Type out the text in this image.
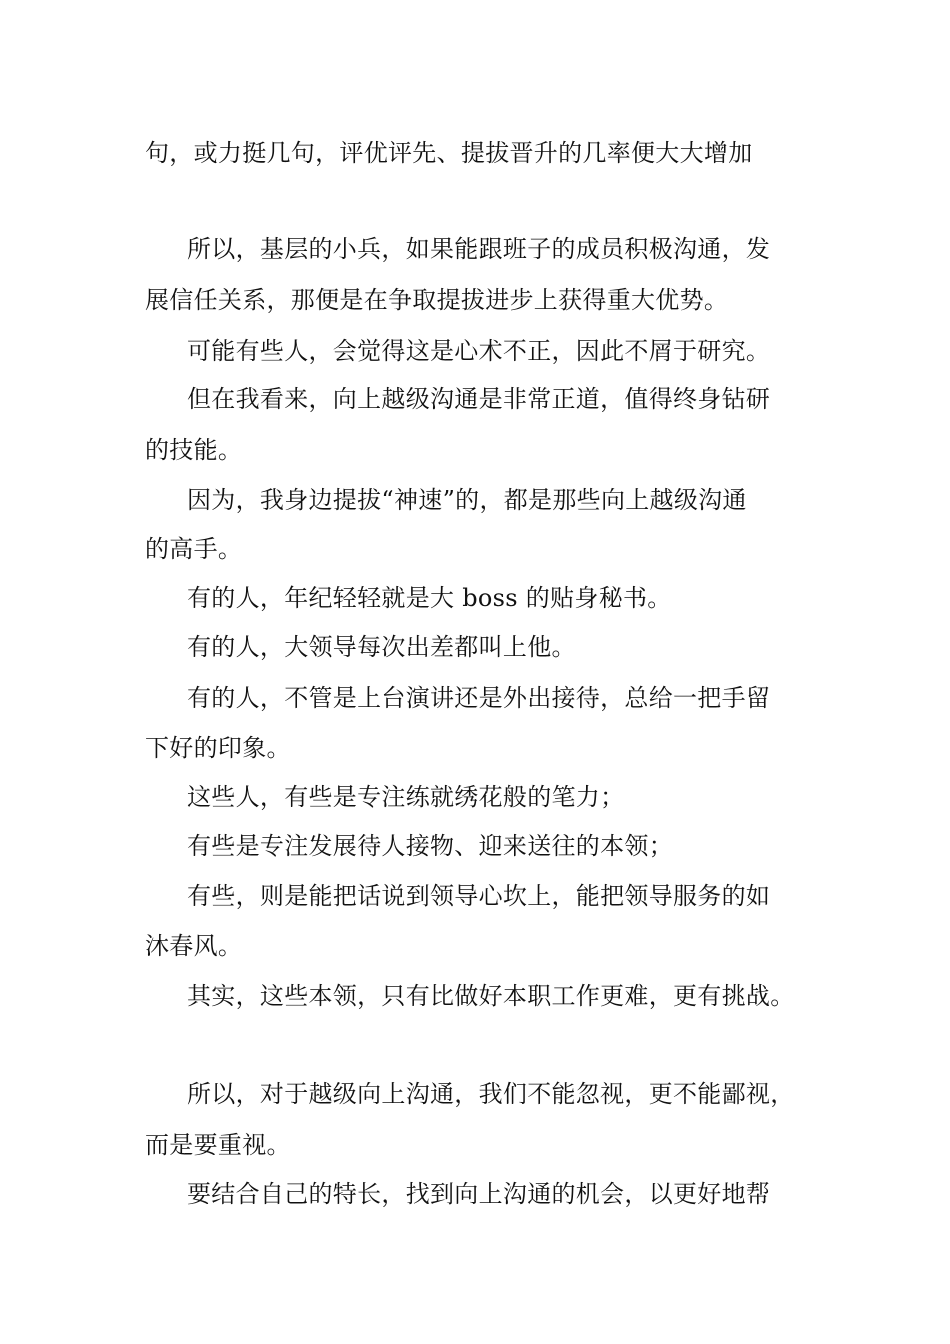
句，或力挺几句，评优评先、提拔晋升的几率便大大增加
所以，基层的小兵，如果能跟班子的成员积极沟通，发
展信任关系，那便是在争取提拔进步上获得重大优势。
可能有些人，会觉得这是心术不正，因此不屑于研究。
但在我看来，向上越级沟通是非常正道，值得终身钻研
的技能。
因为，我身边提拔“神速”的，都是那些向上越级沟通
的高手。
有的人，年纪轻轻就是大 boss 的贴身秘书。
有的人，大领导每次出差都叫上他。
有的人，不管是上台演讲还是外出接待，总给一把手留
下好的印象。
这些人，有些是专注练就绣花般的笔力；
有些是专注发展待人接物、迎来送往的本领；
有些，则是能把话说到领导心坎上，能把领导服务的如
沐春风。
其实，这些本领，只有比做好本职工作更难，更有挑战。
所以，对于越级向上沟通，我们不能忽视，更不能鄙视，
而是要重视。
要结合自己的特长，找到向上沟通的机会，以更好地帮
